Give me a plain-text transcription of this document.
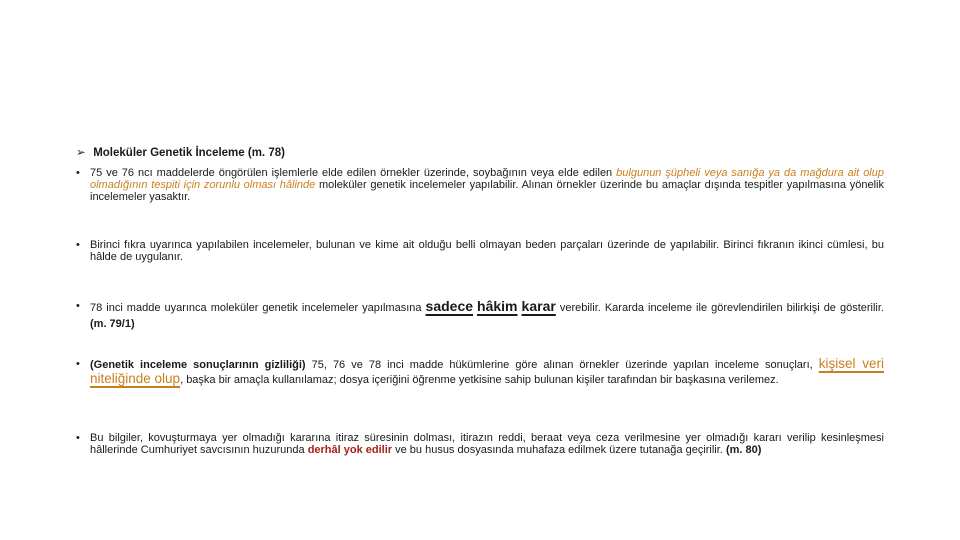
➢ Moleküler Genetik İnceleme (m. 78)
• 75 ve 76 ncı maddelerde öngörülen işlemlerle elde edilen örnekler üzerinde, soybağının veya elde edilen bulgunun şüpheli veya sanığa ya da mağdura ait olup olmadığının tespiti için zorunlu olması hâlinde moleküler genetik incelemeler yapılabilir. Alınan örnekler üzerinde bu amaçlar dışında tespitler yapılmasına yönelik incelemeler yasaktır.
• Birinci fıkra uyarınca yapılabilen incelemeler, bulunan ve kime ait olduğu belli olmayan beden parçaları üzerinde de yapılabilir. Birinci fıkranın ikinci cümlesi, bu hâlde de uygulanır.
• 78 inci madde uyarınca moleküler genetik incelemeler yapılmasına sadece hâkim karar verebilir. Kararda inceleme ile görevlendirilen bilirkişi de gösterilir. (m. 79/1)
• (Genetik inceleme sonuçlarının gizliliği) 75, 76 ve 78 inci madde hükümlerine göre alınan örnekler üzerinde yapılan inceleme sonuçları, kişisel veri niteliğinde olup, başka bir amaçla kullanılamaz; dosya içeriğini öğrenme yetkisine sahip bulunan kişiler tarafından bir başkasına verilemez.
• Bu bilgiler, kovuşturmaya yer olmadığı kararına itiraz süresinin dolması, itirazın reddi, beraat veya ceza verilmesine yer olmadığı kararı verilip kesinleşmesi hâllerinde Cumhuriyet savcısının huzurunda derhâl yok edilir ve bu husus dosyasında muhafaza edilmek üzere tutanağa geçirilir. (m. 80)
